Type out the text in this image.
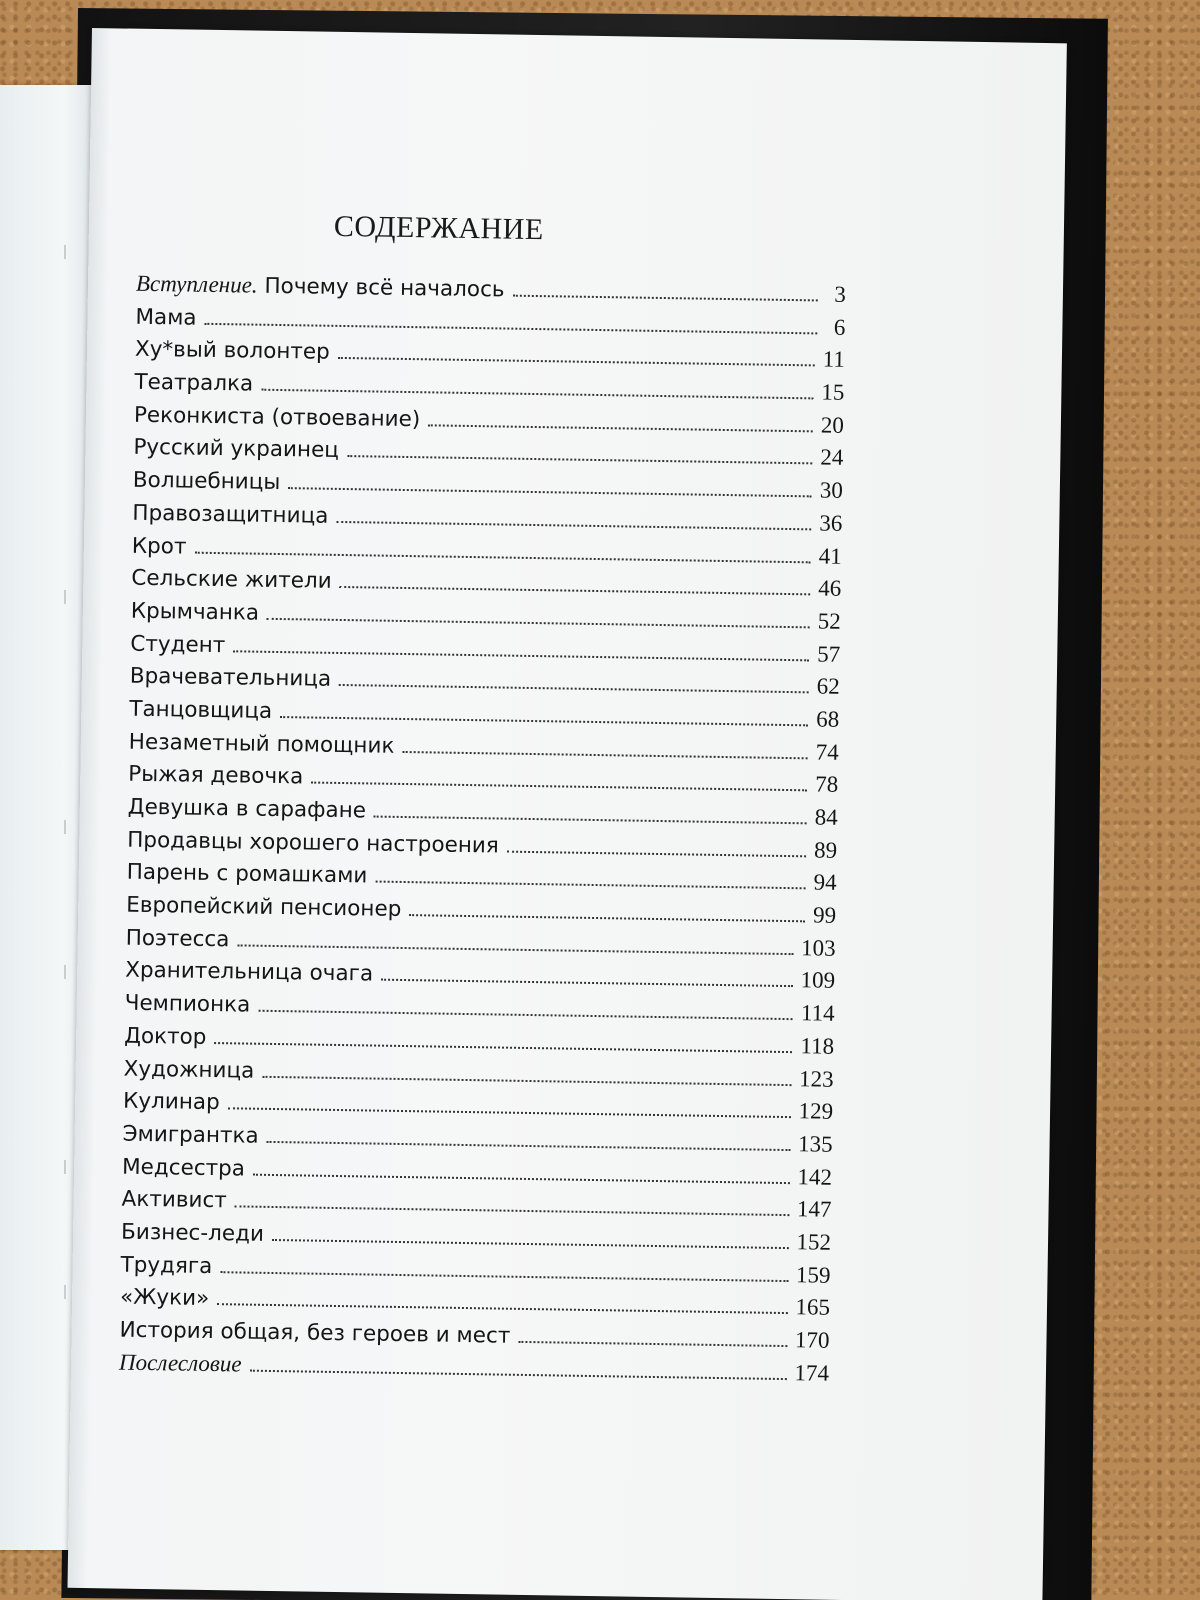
СОДЕРЖАНИЕ
Вступление. Почему всё началось	3
Мама	6
Ху*вый волонтер	11
Театралка	15
Реконкиста (отвоевание)	20
Русский украинец	24
Волшебницы	30
Правозащитница	36
Крот	41
Сельские жители	46
Крымчанка	52
Студент	57
Врачевательница	62
Танцовщица	68
Незаметный помощник	74
Рыжая девочка	78
Девушка в сарафане	84
Продавцы хорошего настроения	89
Парень с ромашками	94
Европейский пенсионер	99
Поэтесса	103
Хранительница очага	109
Чемпионка	114
Доктор	118
Художница	123
Кулинар	129
Эмигрантка	135
Медсестра	142
Активист	147
Бизнес-леди	152
Трудяга	159
«Жуки»	165
История общая, без героев и мест	170
Послесловие	174
